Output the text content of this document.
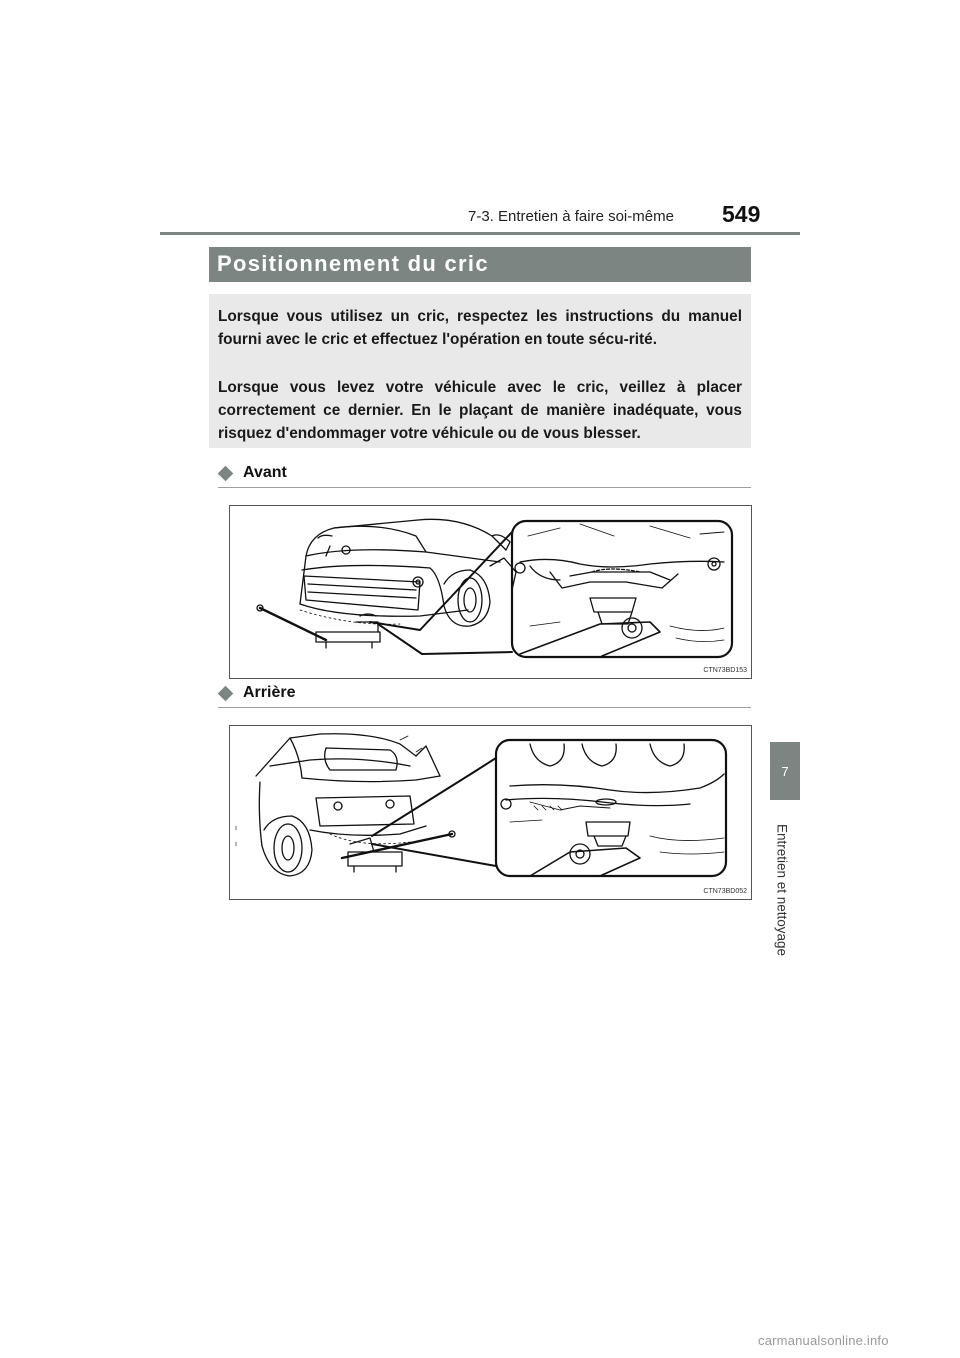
7-3. Entretien à faire soi-même 549
7
Entretien et nettoyage
Positionnement du cric

Lorsque vous utilisez un cric, respectez les instructions du manuel fourni avec le cric et effectuez l'opération en toute sécu-rité.

Lorsque vous levez votre véhicule avec le cric, veillez à placer correctement ce dernier. En le plaçant de manière inadéquate, vous risquez d'endommager votre véhicule ou de vous blesser.

Avant
CTN73BD153
Arrière
CTN73BD052
carmanualsonline.info
